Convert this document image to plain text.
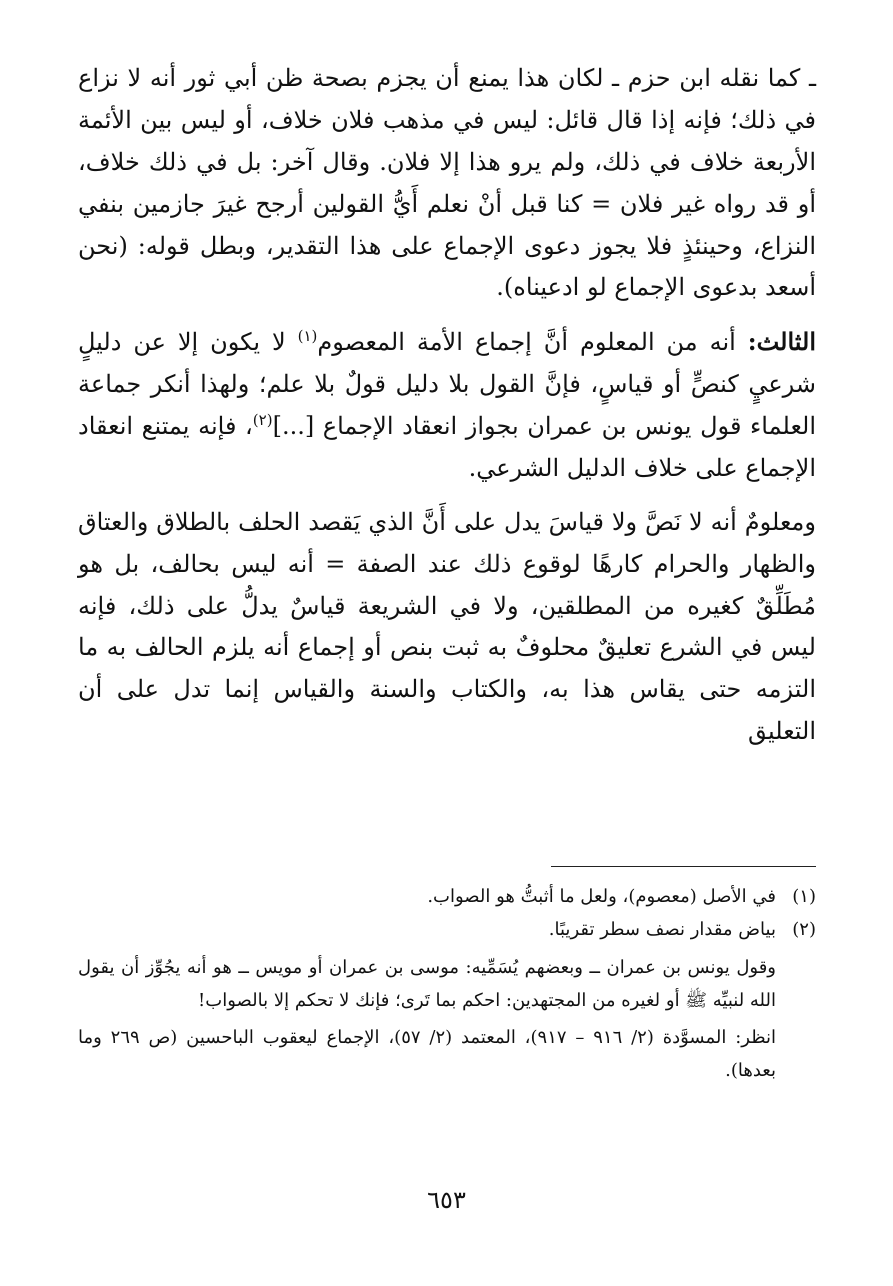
ـ كما نقله ابن حزم ـ لكان هذا يمنع أن يجزم بصحة ظن أبي ثور أنه لا نزاع في ذلك؛ فإنه إذا قال قائل: ليس في مذهب فلان خلاف، أو ليس بين الأئمة الأربعة خلاف في ذلك، ولم يرو هذا إلا فلان. وقال آخر: بل في ذلك خلاف، أو قد رواه غير فلان = كنا قبل أنْ نعلم أَيُّ القولين أرجح غيرَ جازمين بنفي النزاع، وحينئذٍ فلا يجوز دعوى الإجماع على هذا التقدير، وبطل قوله: (نحن أسعد بدعوى الإجماع لو ادعيناه).

الثالث: أنه من المعلوم أنَّ إجماع الأمة المعصوم$^{(١)}$ لا يكون إلا عن دليلٍ شرعيٍ كنصٍّ أو قياسٍ، فإنَّ القول بلا دليل قولٌ بلا علم؛ ولهذا أنكر جماعة العلماء قول يونس بن عمران بجواز انعقاد الإجماع [...]$^{(٢)}$، فإنه يمتنع انعقاد الإجماع على خلاف الدليل الشرعي.

ومعلومٌ أنه لا نَصَّ ولا قياسَ يدل على أَنَّ الذي يَقصد الحلف بالطلاق والعتاق والظهار والحرام كارهًا لوقوع ذلك عند الصفة = أنه ليس بحالف، بل هو مُطَلِّقٌ كغيره من المطلقين، ولا في الشريعة قياسٌ يدلُّ على ذلك، فإنه ليس في الشرع تعليقٌ محلوفٌ به ثبت بنص أو إجماع أنه يلزم الحالف به ما التزمه حتى يقاس هذا به، والكتاب والسنة والقياس إنما تدل على أن التعليق

(١)
في الأصل (معصوم)، ولعل ما أثبتُّ هو الصواب.
(٢)
بياض مقدار نصف سطر تقريبًا.
وقول يونس بن عمران ــ وبعضهم يُسَمِّيه: موسى بن عمران أو مويس ــ هو أنه يجُوِّز أن يقول الله لنبيِّه ﷺ أو لغيره من المجتهدين: احكم بما تَرى؛ فإنك لا تحكم إلا بالصواب!
انظر: المسوَّدة (٢/ ٩١٦ – ٩١٧)، المعتمد (٢/ ٥٧)، الإجماع ليعقوب الباحسين (ص ٢٦٩ وما بعدها).
٦٥٣
